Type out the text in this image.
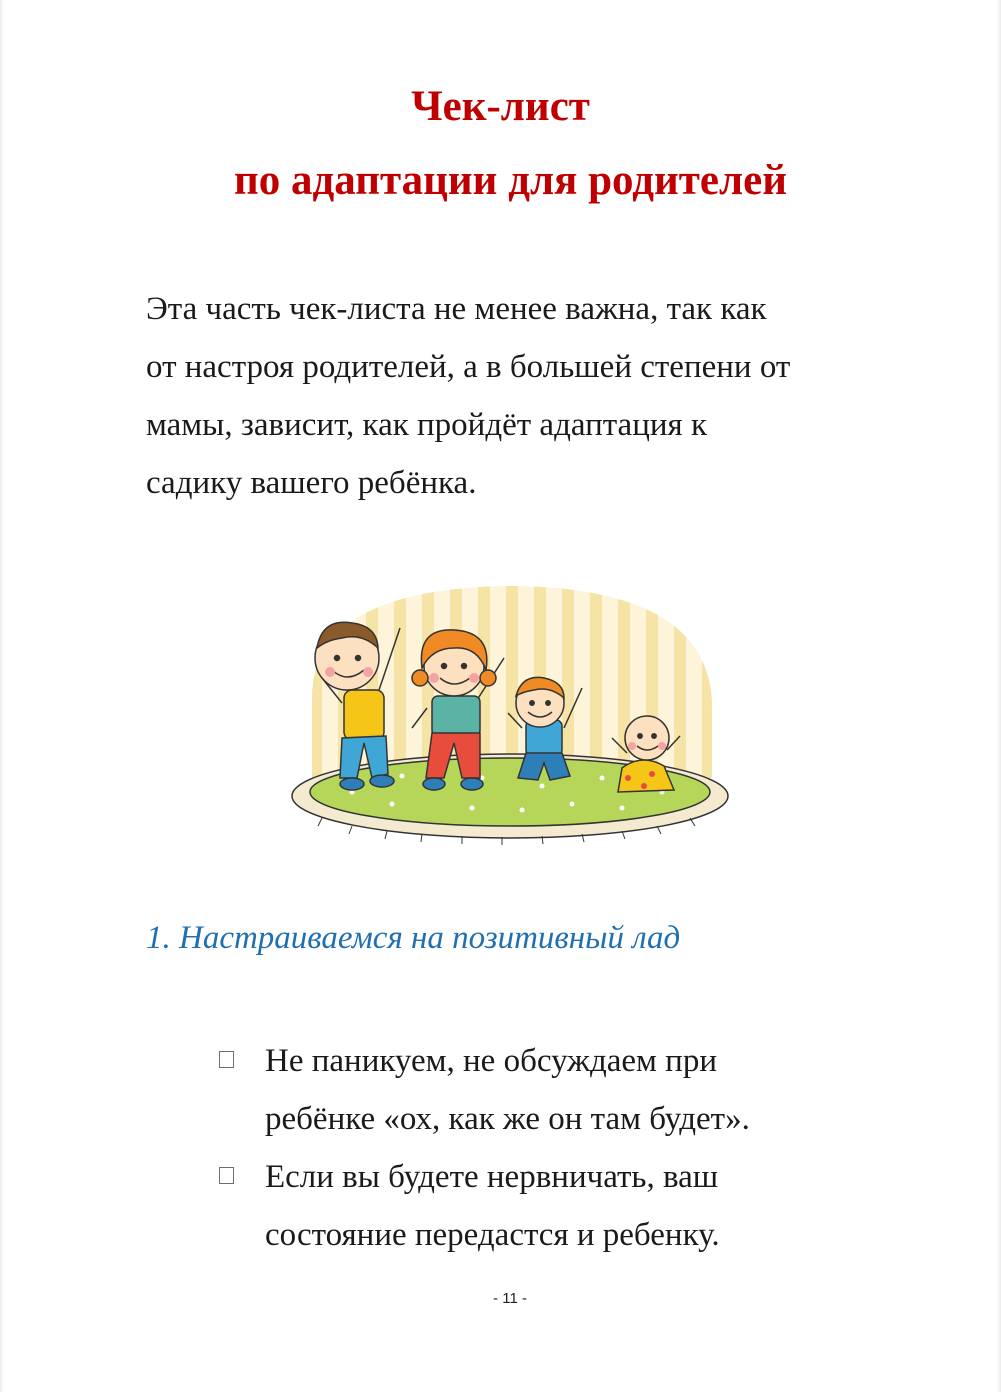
Чек-лист
по адаптации для родителей
Эта часть чек-листа не менее важна, так как
от настроя родителей, а в большей степени от
мамы, зависит, как пройдёт адаптация к
садику вашего ребёнка.
1. Настраиваемся на позитивный лад
Не паникуем, не обсуждаем при
ребёнке «ох, как же он там будет».
Если вы будете нервничать, ваш
состояние передастся и ребенку.
- 11 -
